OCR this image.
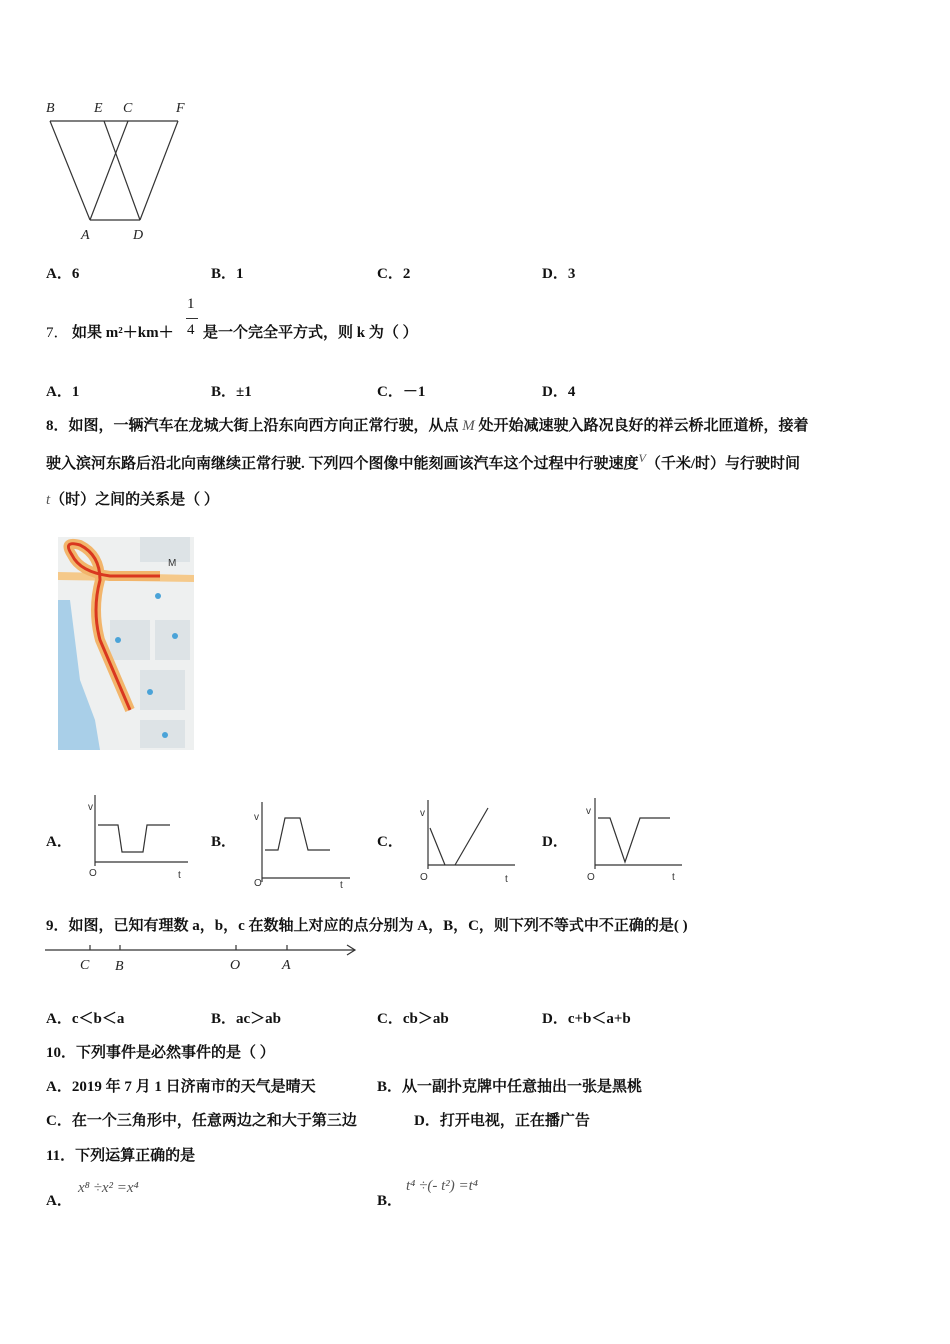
B	E C	F
A	D
M
v
O	t
v
O	t
v
O	t
v
O	t
C B	O	A
A．6	B．1	C．2	D．3
7． 如果 m²＋km＋
1
4 是一个完全平方式，则 k 为（ ）
A．1	B．±1	C．－1	D．4
8．如图，一辆汽车在龙城大街上沿东向西方向正常行驶，从点 M 处开始减速驶入路况良好的祥云桥北匝道桥，接着
驶入滨河东路后沿北向南继续正常行驶. 下列四个图像中能刻画该汽车这个过程中行驶速度$^V$（千米/时）与行驶时间
t（时）之间的关系是（ ）
A．	B．	C．	D．
9．如图，已知有理数 a，b，c 在数轴上对应的点分别为 A，B，C，则下列不等式中不正确的是( )
A．c＜b＜a	B．ac＞ab	C．cb＞ab	D．c+b＜a+b
10．下列事件是必然事件的是（ ）
A．2019 年 7 月 1 日济南市的天气是晴天	B．从一副扑克牌中任意抽出一张是黑桃
C．在一个三角形中，任意两边之和大于第三边	D．打开电视，正在播广告
11．下列运算正确的是
A．
x⁸ ÷x² =x⁴
B．
t⁴ ÷(- t²) =t⁴
